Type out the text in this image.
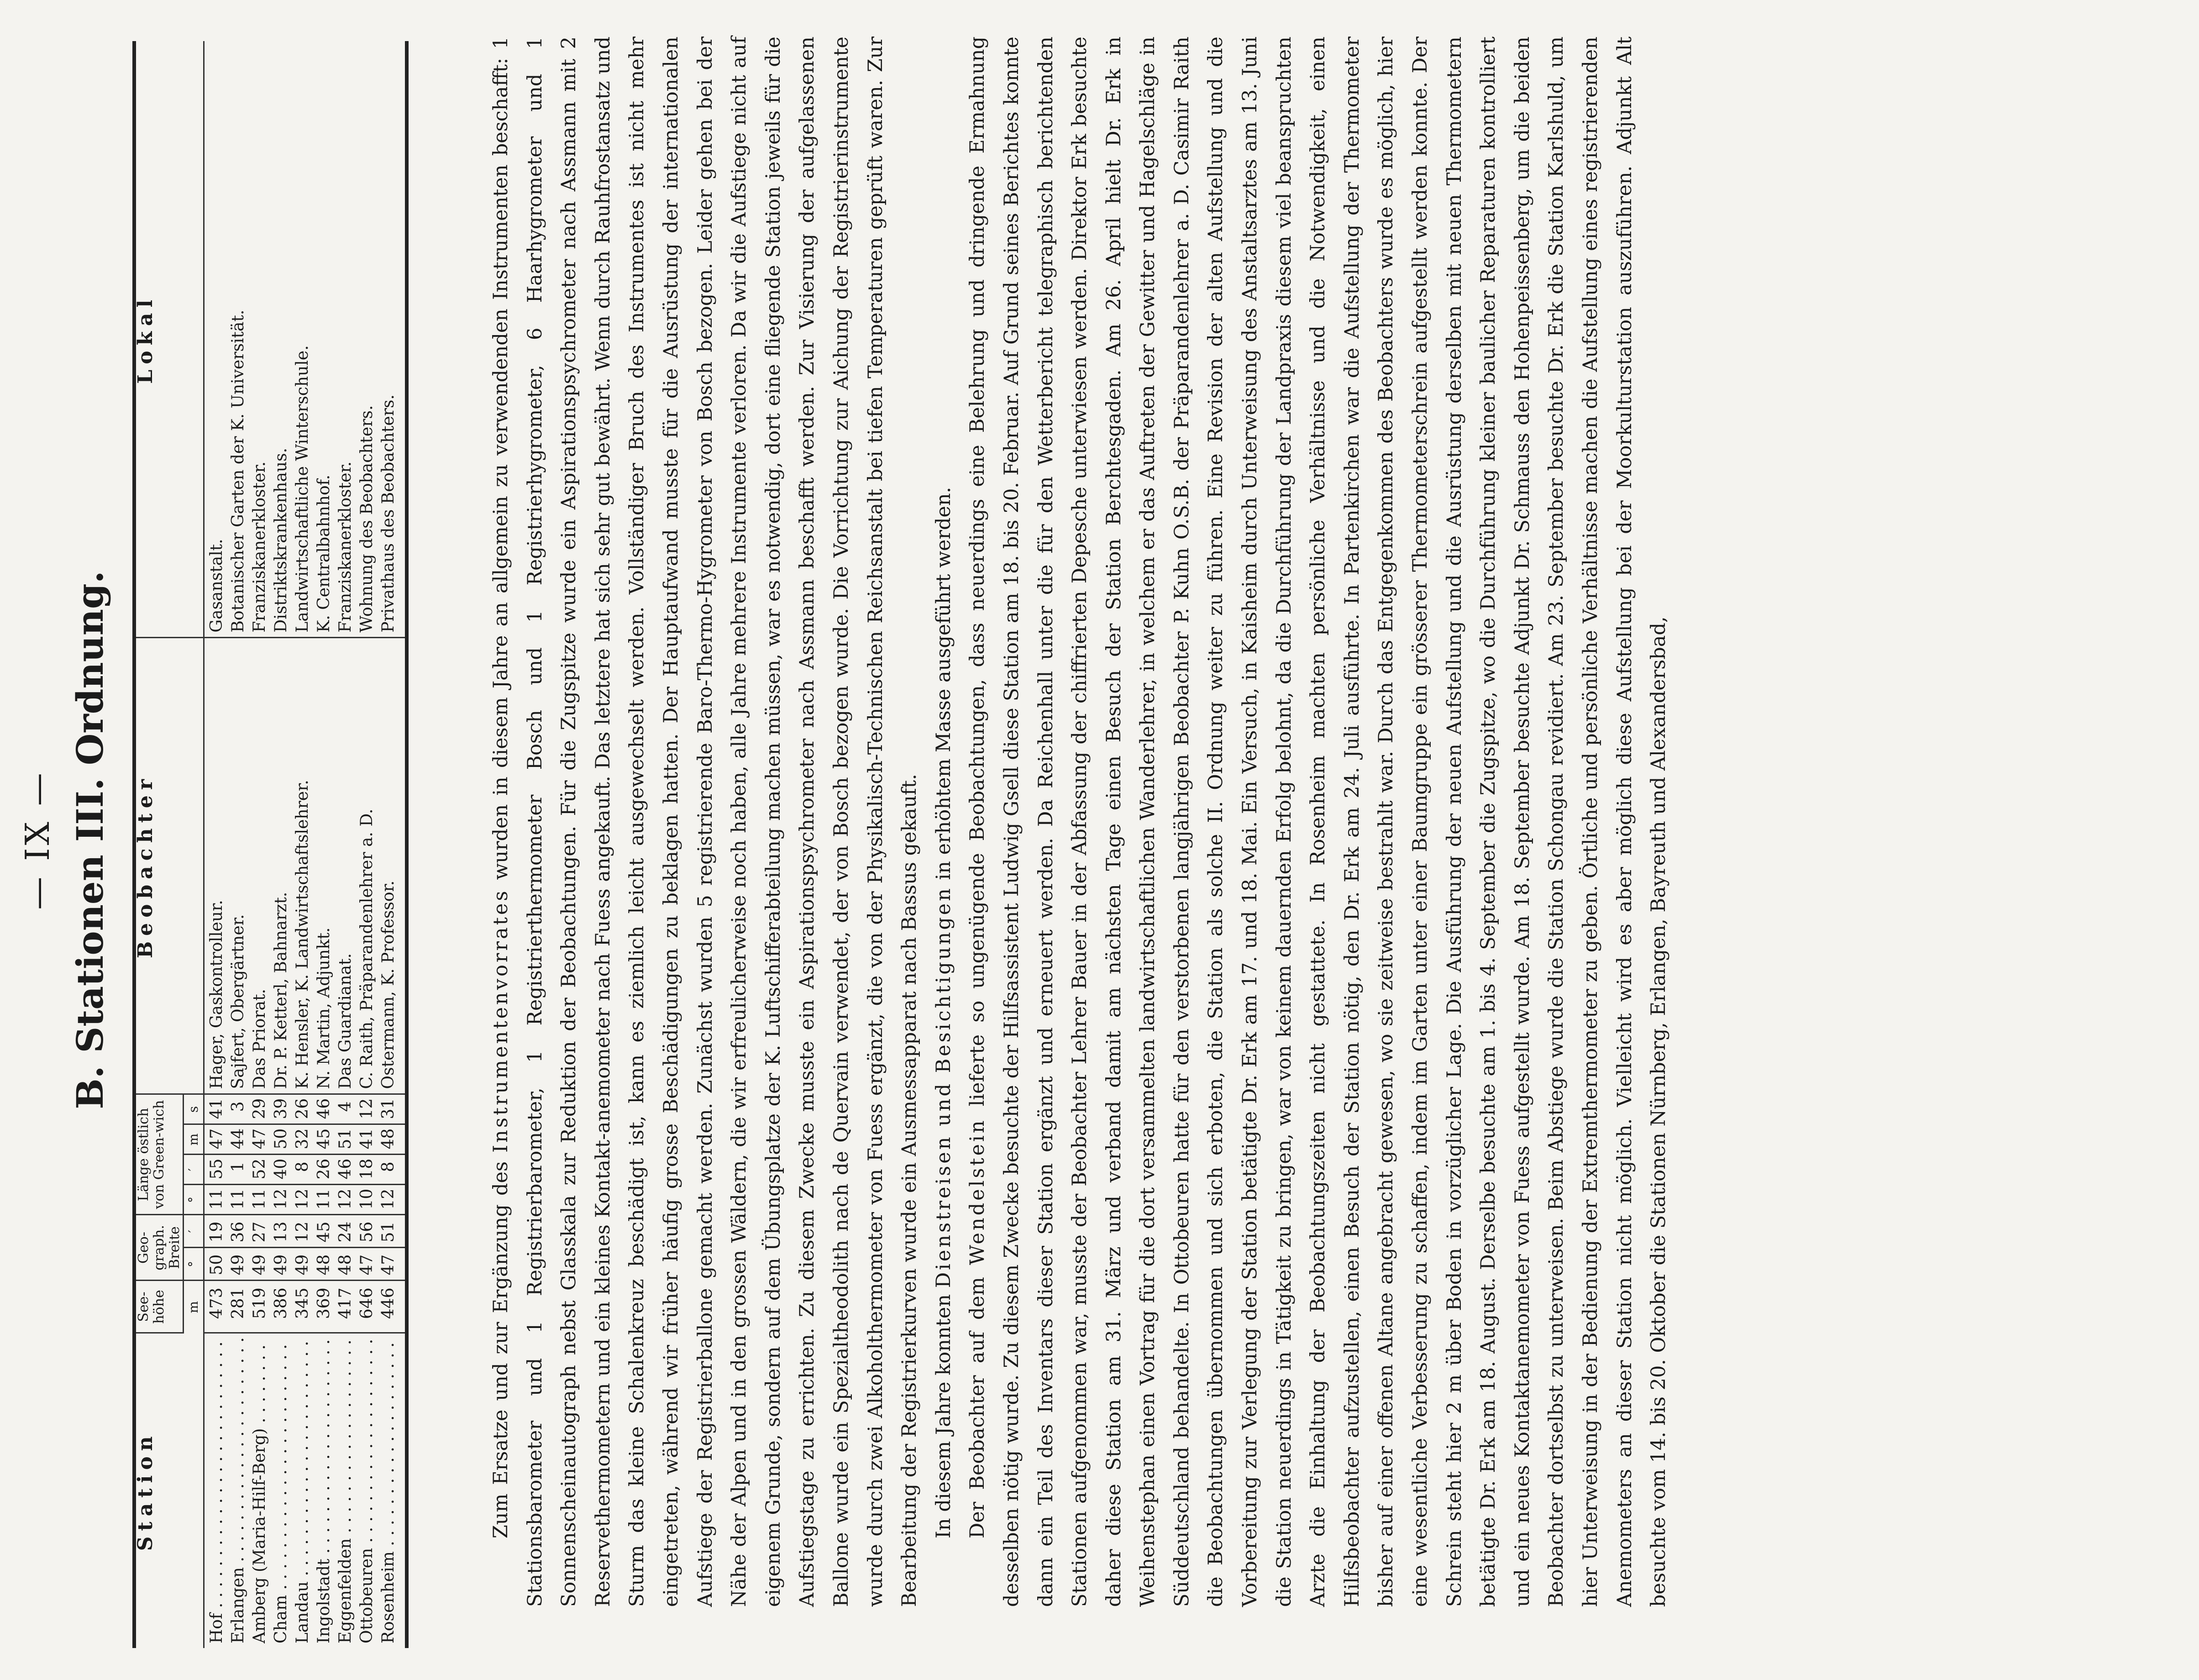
— IX — B. Stationen III. Ordnung.
Station	See-höhe	Geo-graph. Breite		Länge östlich von Green-wich				Beobachter	Lokal
	m	°	′	°	′	m	s		

Hof . . .	473	50	19	11	55	47	41	Hager, Gaskontrolleur.	Gasanstalt.

Erlangen . . .	281	49	36	11	1	44	3	Sajfert, Obergärtner.	Botanischer Garten der K. Universität.

Amberg (Maria-Hilf-Berg) . . .	519	49	27	11	52	47	29	Das Priorat.	Franziskanerkloster.

Cham . . .	386	49	13	12	40	50	39	Dr. P. Ketterl, Bahnarzt.	Distriktskrankenhaus.

Landau . . .	345	49	12	12	8	32	26	K. Hensler, K. Landwirtschaftslehrer.	Landwirtschaftliche Winterschule.

Ingolstadt . . .	369	48	45	11	26	45	46	N. Martin, Adjunkt.	K. Centralbahnhof.

Eggenfelden . . .	417	48	24	12	46	51	4	Das Guardianat.	Franziskanerkloster.

Ottobeuren . . .	646	47	56	10	18	41	12	C. Raith, Präparandenlehrer a. D.	Wohnung des Beobachters.

Rosenheim . . .	446	47	51	12	8	48	31	Ostermann, K. Professor.	Privathaus des Beobachters.

Zum Ersatze und zur Ergänzung des Instrumentenvorrates wurden in diesem Jahre an allgemein zu verwendenden Instrumenten beschafft: 1 Stationsbarometer und 1 Registrierbarometer, 1 Registrierthermometer Bosch und 1 Registrierhygrometer, 6 Haarhygrometer und 1 Sonnenscheinautograph nebst Glasskala zur Reduktion der Beobachtungen. Für die Zugspitze wurde ein Aspirationspsychrometer nach Assmann mit 2 Reservethermometern und ein kleines Kontakt-anemometer nach Fuess angekauft. Das letztere hat sich sehr gut bewährt. Wenn durch Rauhfrostansatz und Sturm das kleine Schalenkreuz beschädigt ist, kann es ziemlich leicht ausgewechselt werden. Vollständiger Bruch des Instrumentes ist nicht mehr eingetreten, während wir früher häufig grosse Beschädigungen zu beklagen hatten. Der Hauptaufwand musste für die Ausrüstung der internationalen Aufstiege der Registrierballone gemacht werden. Zunächst wurden 5 registrierende Baro-Thermo-Hygrometer von Bosch bezogen. Leider gehen bei der Nähe der Alpen und in den grossen Wäldern, die wir erfreulicherweise noch haben, alle Jahre mehrere Instrumente verloren. Da wir die Aufstiege nicht auf eigenem Grunde, sondern auf dem Übungsplatze der K. Luftschifferabteilung machen müssen, war es notwendig, dort eine fliegende Station jeweils für die Aufstiegstage zu errichten. Zu diesem Zwecke musste ein Aspirationspsychrometer nach Assmann beschafft werden. Zur Visierung der aufgelassenen Ballone wurde ein Spezialtheodolith nach de Quervain verwendet, der von Bosch bezogen wurde. Die Vorrichtung zur Aichung der Registrierinstrumente wurde durch zwei Alkoholthermometer von Fuess ergänzt, die von der Physikalisch-Technischen Reichsanstalt bei tiefen Temperaturen geprüft waren. Zur Bearbeitung der Registrierkurven wurde ein Ausmessapparat nach Bassus gekauft. In diesem Jahre konnten Dienstreisen und Besichtigungen in erhöhtem Masse ausgeführt werden.

Der Beobachter auf dem Wendelstein lieferte so ungenügende Beobachtungen, dass neuerdings eine Belehrung und dringende Ermahnung desselben nötig wurde. Zu diesem Zwecke besuchte der Hilfsassistent Ludwig Gsell diese Station am 18. bis 20. Februar. Auf Grund seines Berichtes konnte dann ein Teil des Inventars dieser Station ergänzt und erneuert werden. Da Reichenhall unter die für den Wetterbericht telegraphisch berichtenden Stationen aufgenommen war, musste der Beobachter Lehrer Bauer in der Abfassung der chiffrierten Depesche unterwiesen werden. Direktor Erk besuchte daher diese Station am 31. März und verband damit am nächsten Tage einen Besuch der Station Berchtesgaden. Am 26. April hielt Dr. Erk in Weihenstephan einen Vortrag für die dort versammelten landwirtschaftlichen Wanderlehrer, in welchem er das Auftreten der Gewitter und Hagelschläge in Süddeutschland behandelte. In Ottobeuren hatte für den verstorbenen langjährigen Beobachter P. Kuhn O.S.B. der Präparandenlehrer a. D. Casimir Raith die Beobachtungen übernommen und sich erboten, die Station als solche II. Ordnung weiter zu führen. Eine Revision der alten Aufstellung und die Vorbereitung zur Verlegung der Station betätigte Dr. Erk am 17. und 18. Mai. Ein Versuch, in Kaisheim durch Unterweisung des Anstaltsarztes am 13. Juni die Station neuerdings in Tätigkeit zu bringen, war von keinem dauernden Erfolg belohnt, da die Durchführung der Landpraxis diesem viel beanspruchten Arzte die Einhaltung der Beobachtungszeiten nicht gestattete. In Rosenheim machten persönliche Verhältnisse und die Notwendigkeit, einen Hilfsbeobachter aufzustellen, einen Besuch der Station nötig, den Dr. Erk am 24. Juli ausführte. In Partenkirchen war die Aufstellung der Thermometer bisher auf einer offenen Altane angebracht gewesen, wo sie zeitweise bestrahlt war. Durch das Entgegenkommen des Beobachters wurde es möglich, hier eine wesentliche Verbesserung zu schaffen, indem im Garten unter einer Baumgruppe ein grösserer Thermometerschrein aufgestellt werden konnte. Der Schrein steht hier 2 m über Boden in vorzüglicher Lage. Die Ausführung der neuen Aufstellung und die Ausrüstung derselben mit neuen Thermometern betätigte Dr. Erk am 18. August. Derselbe besuchte am 1. bis 4. September die Zugspitze, wo die Durchführung kleiner baulicher Reparaturen kontrolliert und ein neues Kontaktanemometer von Fuess aufgestellt wurde. Am 18. September besuchte Adjunkt Dr. Schmauss den Hohenpeissenberg, um die beiden Beobachter dortselbst zu unterweisen. Beim Abstiege wurde die Station Schongau revidiert. Am 23. September besuchte Dr. Erk die Station Karlshuld, um hier Unterweisung in der Bedienung der Extremthermometer zu geben. Örtliche und persönliche Verhältnisse machen die Aufstellung eines registrierenden Anemometers an dieser Station nicht möglich. Vielleicht wird es aber möglich diese Aufstellung bei der Moorkulturstation auszuführen. Adjunkt Alt besuchte vom 14. bis 20. Oktober die Stationen Nürnberg, Erlangen, Bayreuth und Alexandersbad,
